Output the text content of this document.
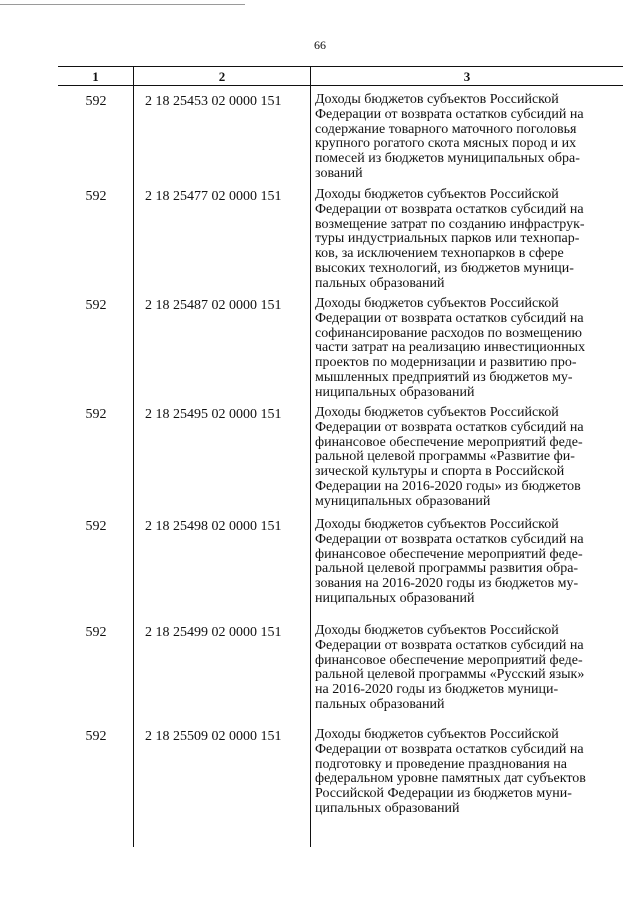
66
1	2	3
592	2 18 25453 02 0000 151	Доходы бюджетов субъектов Российской
Федерации от возврата остатков субсидий на
содержание товарного маточного поголовья
крупного рогатого скота мясных пород и их
помесей из бюджетов муниципальных обра-
зований
592	2 18 25477 02 0000 151	Доходы бюджетов субъектов Российской
Федерации от возврата остатков субсидий на
возмещение затрат по созданию инфраструк-
туры индустриальных парков или технопар-
ков, за исключением технопарков в сфере
высоких технологий, из бюджетов муници-
пальных образований
592	2 18 25487 02 0000 151	Доходы бюджетов субъектов Российской
Федерации от возврата остатков субсидий на
софинансирование расходов по возмещению
части затрат на реализацию инвестиционных
проектов по модернизации и развитию про-
мышленных предприятий из бюджетов му-
ниципальных образований
592	2 18 25495 02 0000 151	Доходы бюджетов субъектов Российской
Федерации от возврата остатков субсидий на
финансовое обеспечение мероприятий феде-
ральной целевой программы «Развитие фи-
зической культуры и спорта в Российской
Федерации на 2016-2020 годы» из бюджетов
муниципальных образований
592	2 18 25498 02 0000 151	Доходы бюджетов субъектов Российской
Федерации от возврата остатков субсидий на
финансовое обеспечение мероприятий феде-
ральной целевой программы развития обра-
зования на 2016-2020 годы из бюджетов му-
ниципальных образований
592	2 18 25499 02 0000 151	Доходы бюджетов субъектов Российской
Федерации от возврата остатков субсидий на
финансовое обеспечение мероприятий феде-
ральной целевой программы «Русский язык»
на 2016-2020 годы из бюджетов муници-
пальных образований
592	2 18 25509 02 0000 151	Доходы бюджетов субъектов Российской
Федерации от возврата остатков субсидий на
подготовку и проведение празднования на
федеральном уровне памятных дат субъектов
Российской Федерации из бюджетов муни-
ципальных образований
